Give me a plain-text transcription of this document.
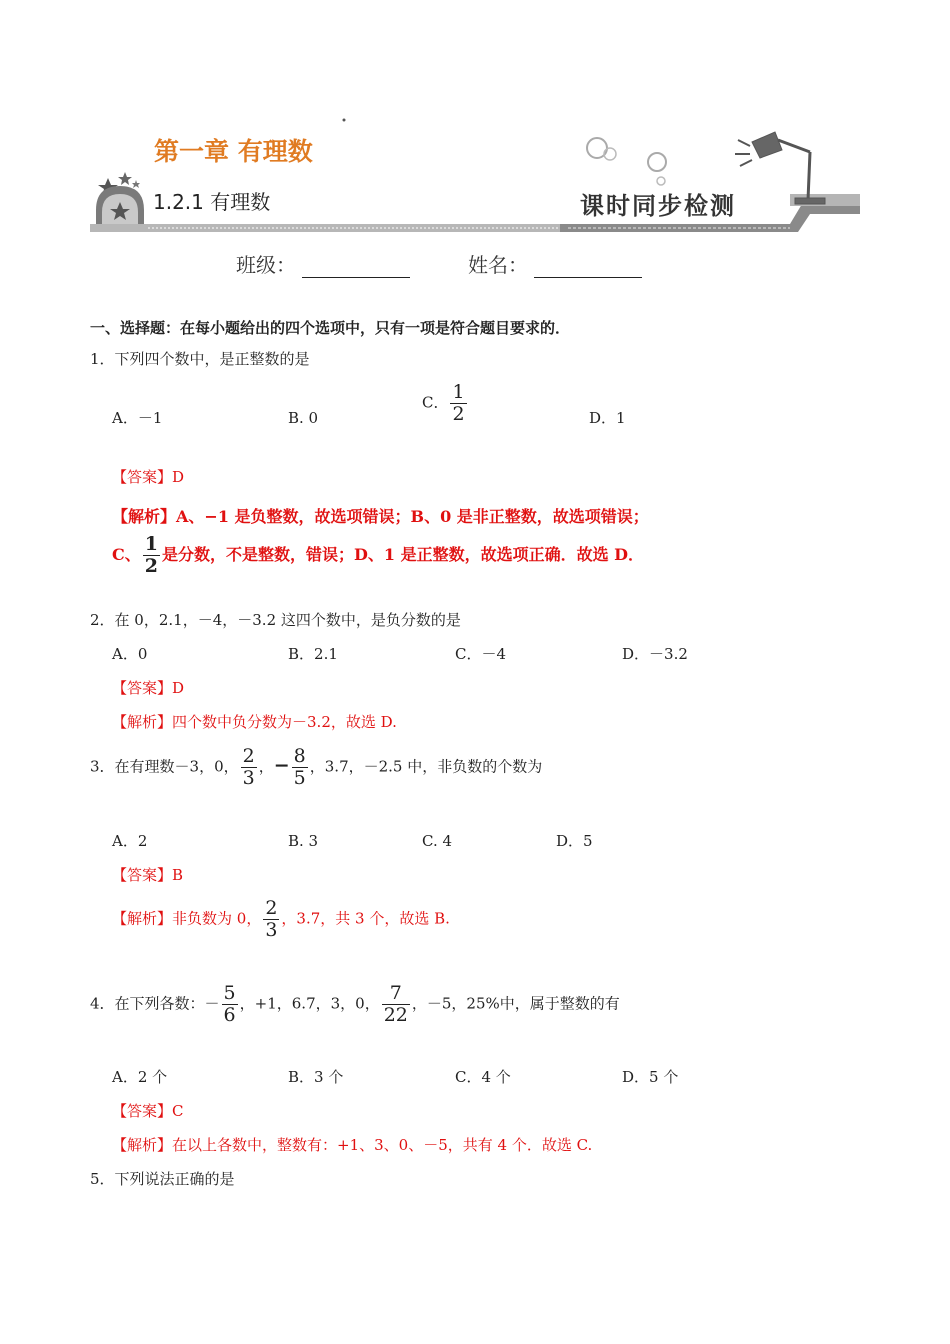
第一章 有理数
1.2.1 有理数	课时同步检测
班级：	姓名：
一、选择题：在每小题给出的四个选项中，只有一项是符合题目要求的．
1．下列四个数中，是正整数的是
A．－1	B. 0
C． $\frac{1}{2}$	D．1
【答案】D
【解析】A、−1 是负整数，故选项错误；B、0 是非正整数，故选项错误；
C、 $\frac{1}{2}$ 是分数，不是整数，错误；D、1 是正整数，故选项正确．故选 D．
2．在 0，2.1，－4，－3.2 这四个数中，是负分数的是
A．0	B．2.1	C．－4	D．－3.2
【答案】D
【解析】四个数中负分数为－3.2，故选 D.
3．在有理数－3，0， $\frac{2}{3}$ ，− $\frac{8}{5}$ ，3.7，－2.5 中，非负数的个数为
A．2	B. 3	C. 4	D．5
【答案】B
【解析】非负数为 0， $\frac{2}{3}$ ，3.7，共 3 个，故选 B.
4．在下列各数：－ $\frac{5}{6}$ ，+1，6.7，3，0， $\frac{7}{22}$ ，－5，25%中，属于整数的有
A．2 个	B．3 个	C．4 个	D．5 个
【答案】C
【解析】在以上各数中，整数有：+1、3、0、－5，共有 4 个．故选 C.
5．下列说法正确的是
